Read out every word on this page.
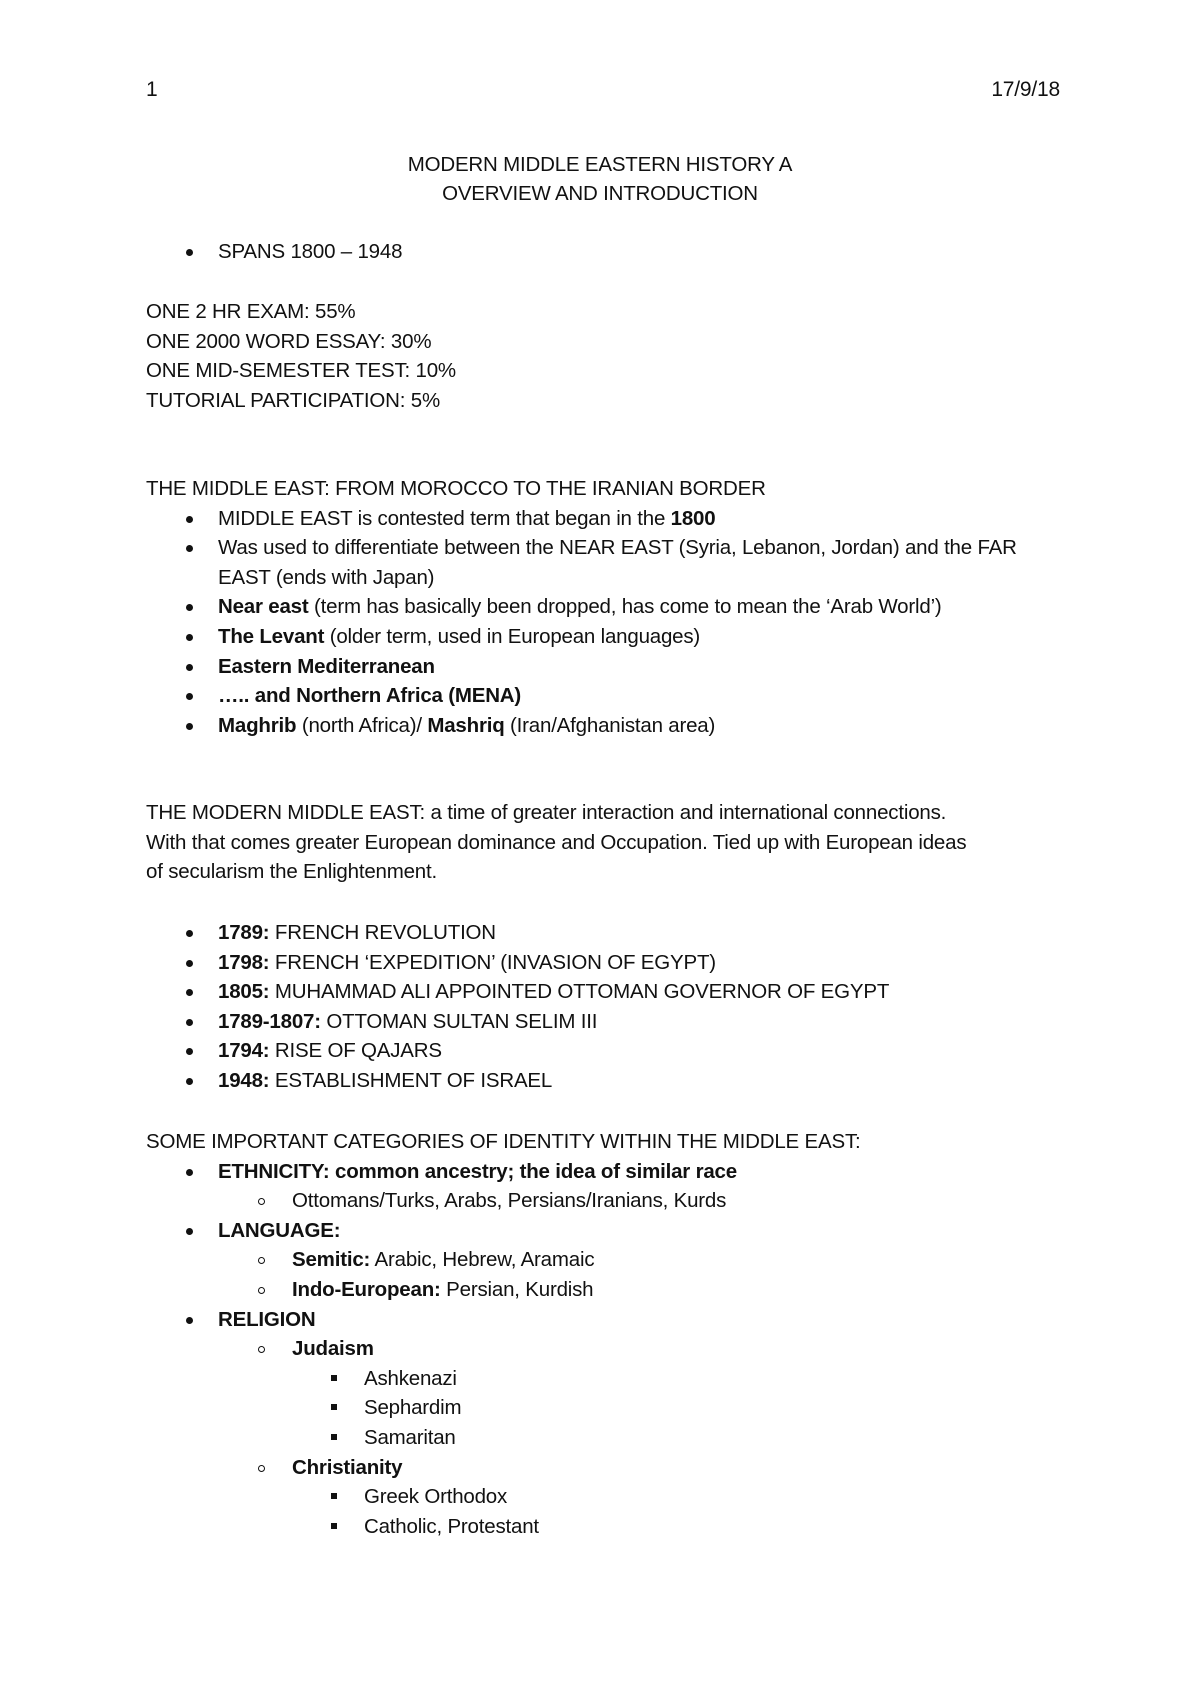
1	17/9/18
MODERN MIDDLE EASTERN HISTORY A
OVERVIEW AND INTRODUCTION
SPANS 1800 – 1948
ONE 2 HR EXAM: 55%
ONE 2000 WORD ESSAY: 30%
ONE MID-SEMESTER TEST: 10%
TUTORIAL PARTICIPATION: 5%
THE MIDDLE EAST: FROM MOROCCO TO THE IRANIAN BORDER
MIDDLE EAST is contested term that began in the 1800
Was used to differentiate between the NEAR EAST (Syria, Lebanon, Jordan) and the FAR EAST (ends with Japan)
Near east (term has basically been dropped, has come to mean the ‘Arab World’)
The Levant (older term, used in European languages)
Eastern Mediterranean
….. and Northern Africa (MENA)
Maghrib (north Africa)/ Mashriq (Iran/Afghanistan area)
THE MODERN MIDDLE EAST: a time of greater interaction and international connections.
With that comes greater European dominance and Occupation. Tied up with European ideas
of secularism the Enlightenment.
1789: FRENCH REVOLUTION
1798: FRENCH ‘EXPEDITION’ (INVASION OF EGYPT)
1805: MUHAMMAD ALI APPOINTED OTTOMAN GOVERNOR OF EGYPT
1789-1807: OTTOMAN SULTAN SELIM III
1794: RISE OF QAJARS
1948: ESTABLISHMENT OF ISRAEL
SOME IMPORTANT CATEGORIES OF IDENTITY WITHIN THE MIDDLE EAST:
ETHNICITY: common ancestry; the idea of similar race
Ottomans/Turks, Arabs, Persians/Iranians, Kurds
LANGUAGE:
Semitic: Arabic, Hebrew, Aramaic
Indo-European: Persian, Kurdish
RELIGION
Judaism
Ashkenazi
Sephardim
Samaritan
Christianity
Greek Orthodox
Catholic, Protestant
